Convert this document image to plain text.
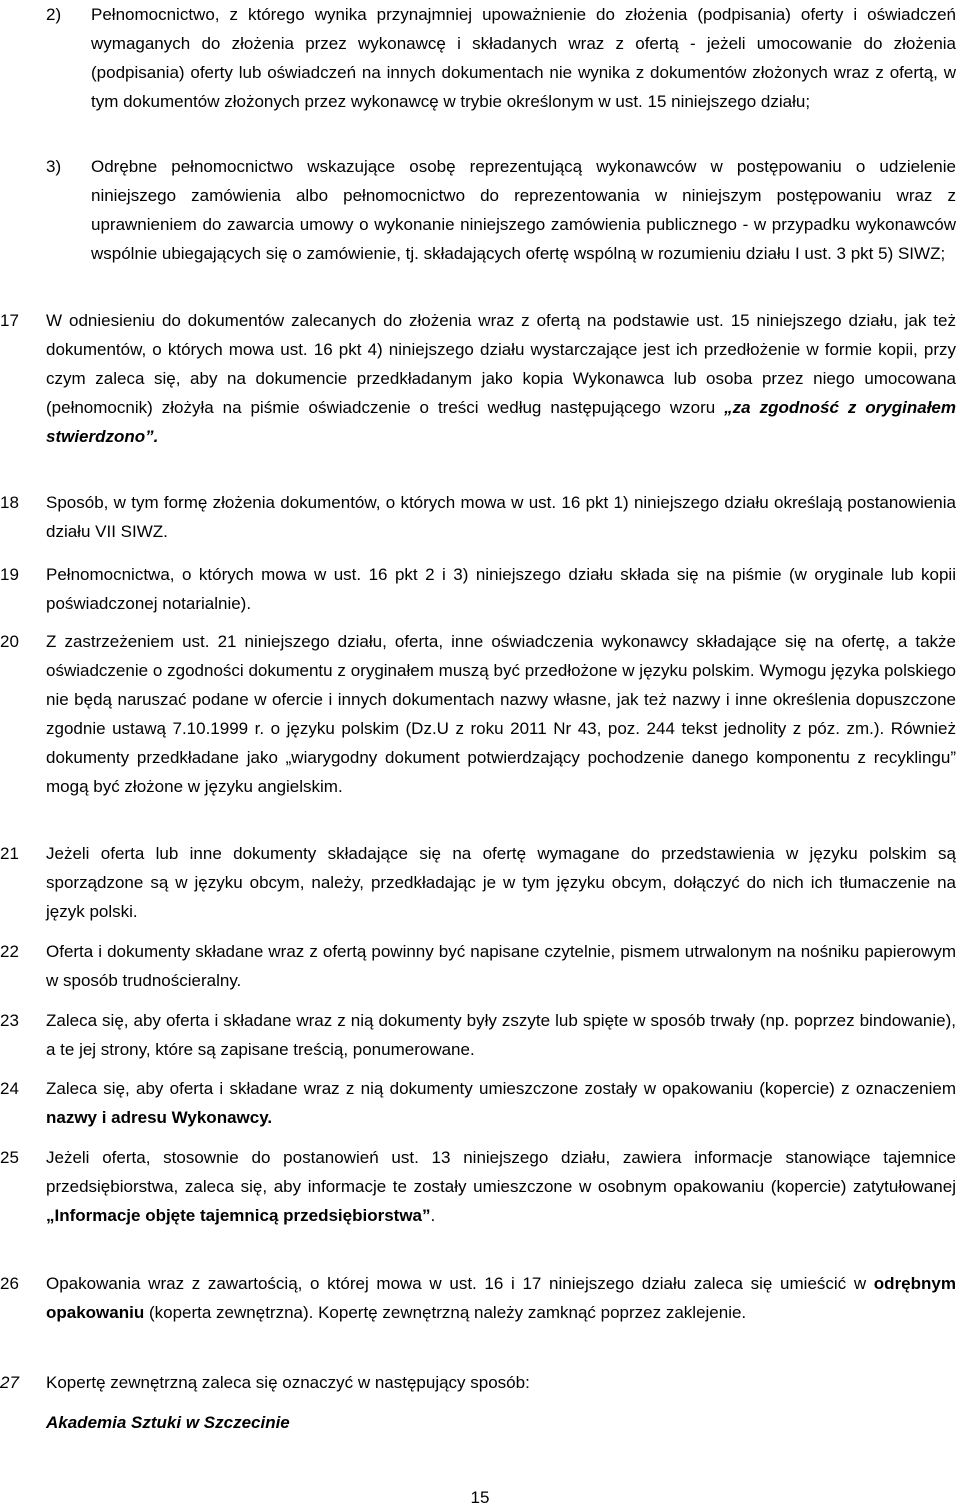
2)	Pełnomocnictwo, z którego wynika przynajmniej upoważnienie do złożenia (podpisania) oferty i oświadczeń wymaganych do złożenia przez wykonawcę i składanych wraz z ofertą - jeżeli umocowanie do złożenia (podpisania) oferty lub oświadczeń na innych dokumentach nie wynika z dokumentów złożonych wraz z ofertą, w tym dokumentów złożonych przez wykonawcę w trybie określonym w ust. 15 niniejszego działu;
3)	Odrębne pełnomocnictwo wskazujące osobę reprezentującą wykonawców w postępowaniu o udzielenie niniejszego zamówienia albo pełnomocnictwo do reprezentowania w niniejszym postępowaniu wraz z uprawnieniem do zawarcia umowy o wykonanie niniejszego zamówienia publicznego - w przypadku wykonawców wspólnie ubiegających się o zamówienie, tj. składających ofertę wspólną w rozumieniu działu I ust. 3 pkt 5) SIWZ;
17	W odniesieniu do dokumentów zalecanych do złożenia wraz z ofertą na podstawie ust. 15 niniejszego działu, jak też dokumentów, o których mowa ust. 16 pkt 4) niniejszego działu wystarczające jest ich przedłożenie w formie kopii, przy czym zaleca się, aby na dokumencie przedkładanym jako kopia Wykonawca lub osoba przez niego umocowana (pełnomocnik) złożyła na piśmie oświadczenie o treści według następującego wzoru „za zgodność z oryginałem stwierdzono”.
18	Sposób, w tym formę złożenia dokumentów, o których mowa w ust. 16 pkt 1) niniejszego działu określają postanowienia działu VII SIWZ.
19	Pełnomocnictwa, o których mowa w ust. 16 pkt 2 i 3) niniejszego działu składa się na piśmie (w oryginale lub kopii poświadczonej notarialnie).
20	Z zastrzeżeniem ust. 21 niniejszego działu, oferta, inne oświadczenia wykonawcy składające się na ofertę, a także oświadczenie o zgodności dokumentu z oryginałem muszą być przedłożone w języku polskim. Wymogu języka polskiego nie będą naruszać podane w ofercie i innych dokumentach nazwy własne, jak też nazwy i inne określenia dopuszczone zgodnie ustawą 7.10.1999 r. o języku polskim (Dz.U z roku 2011 Nr 43, poz. 244 tekst jednolity z póz. zm.). Również dokumenty przedkładane jako „wiarygodny dokument potwierdzający pochodzenie danego komponentu z recyklingu” mogą być złożone w języku angielskim.
21	Jeżeli oferta lub inne dokumenty składające się na ofertę wymagane do przedstawienia w języku polskim są sporządzone są w języku obcym, należy, przedkładając je w tym języku obcym, dołączyć do nich ich tłumaczenie na język polski.
22	Oferta i dokumenty składane wraz z ofertą powinny być napisane czytelnie, pismem utrwalonym na nośniku papierowym w sposób trudnościeralny.
23	Zaleca się, aby oferta i składane wraz z nią dokumenty były zszyte lub spięte w sposób trwały (np. poprzez bindowanie), a te jej strony, które są zapisane treścią, ponumerowane.
24	Zaleca się, aby oferta i składane wraz z nią dokumenty umieszczone zostały w opakowaniu (kopercie) z oznaczeniem nazwy i adresu Wykonawcy.
25	Jeżeli oferta, stosownie do postanowień ust. 13 niniejszego działu, zawiera informacje stanowiące tajemnice przedsiębiorstwa, zaleca się, aby informacje te zostały umieszczone w osobnym opakowaniu (kopercie) zatytułowanej „Informacje objęte tajemnicą przedsiębiorstwa”.
26	Opakowania wraz z zawartością, o której mowa w ust. 16 i 17 niniejszego działu zaleca się umieścić w odrębnym opakowaniu (koperta zewnętrzna). Kopertę zewnętrzną należy zamknąć poprzez zaklejenie.
27	Kopertę zewnętrzną zaleca się oznaczyć w następujący sposób:
Akademia Sztuki w Szczecinie
15
